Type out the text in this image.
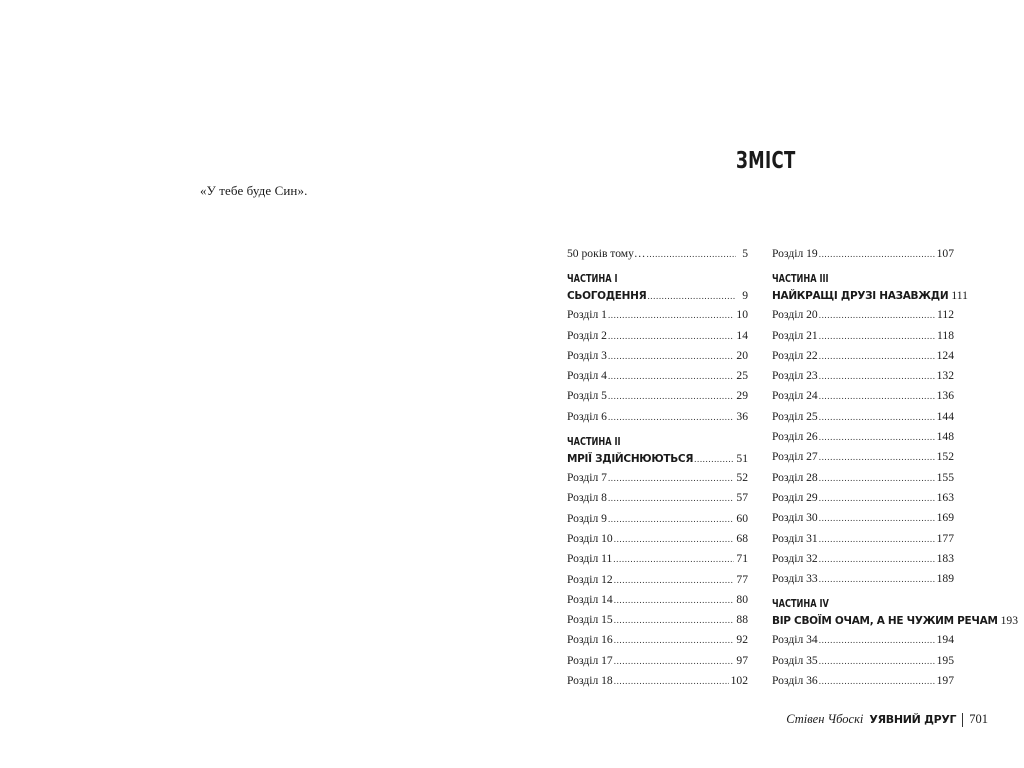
«У тебе буде Син».
ЗМІСТ
50 років тому… .....	5
ЧАСТИНА І
СЬОГОДЕННЯ .....	9
Розділ 1 .....	10
Розділ 2 .....	14
Розділ 3 .....	20
Розділ 4 .....	25
Розділ 5 .....	29
Розділ 6 .....	36
ЧАСТИНА ІІ
МРІЇ ЗДІЙСНЮЮТЬСЯ .....	51
Розділ 7 .....	52
Розділ 8 .....	57
Розділ 9 .....	60
Розділ 10 .....	68
Розділ 11 .....	71
Розділ 12 .....	77
Розділ 14 .....	80
Розділ 15 .....	88
Розділ 16 .....	92
Розділ 17 .....	97
Розділ 18 .....	102
Розділ 19 .....	107
ЧАСТИНА ІІІ
НАЙКРАЩІ ДРУЗІ НАЗАВЖДИ 111
Розділ 20 .....	112
Розділ 21 .....	118
Розділ 22 .....	124
Розділ 23 .....	132
Розділ 24 .....	136
Розділ 25 .....	144
Розділ 26 .....	148
Розділ 27 .....	152
Розділ 28 .....	155
Розділ 29 .....	163
Розділ 30 .....	169
Розділ 31 .....	177
Розділ 32 .....	183
Розділ 33 .....	189
ЧАСТИНА IV
ВІР СВОЇМ ОЧАМ, А НЕ ЧУЖИМ РЕЧАМ 193
Розділ 34 .....	194
Розділ 35 .....	195
Розділ 36 .....	197
Стівен Чбоскі УЯВНИЙ ДРУГ 701
